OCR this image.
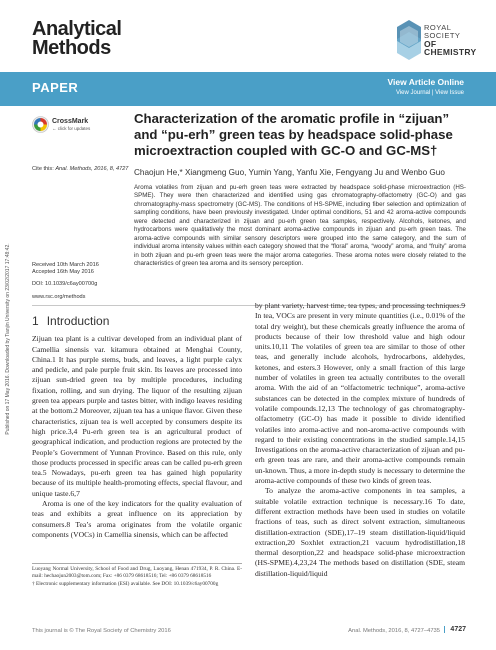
Analytical
Methods
ROYAL SOCIETY
OF CHEMISTRY
PAPER	View Article Online
View Journal | View Issue
Published on 17 May 2016. Downloaded by Tianjin University on 23/02/2017 17:48:42.
CrossMark
← click for updates
Cite this: Anal. Methods, 2016, 8, 4727
Characterization of the aromatic profile in “zijuan” and “pu-erh” green teas by headspace solid-phase microextraction coupled with GC-O and GC-MS†
Chaojun He,* Xiangmeng Guo, Yumin Yang, Yanfu Xie, Fengyang Ju and Wenbo Guo
Aroma volatiles from zijuan and pu-erh green teas were extracted by headspace solid-phase microextraction (HS-SPME). They were then characterized and identified using gas chromatography-olfactometry (GC-O) and gas chromatography-mass spectrometry (GC-MS). The conditions of HS-SPME, including fiber selection and optimization of sampling conditions, have been previously investigated. Under optimal conditions, 51 and 42 aroma-active compounds were detected and characterized in zijuan and pu-erh green tea samples, respectively. Alcohols, ketones, and hydrocarbons were qualitatively the most dominant aroma-active compounds in zijuan and pu-erh green teas. The aroma-active compounds with similar sensory descriptors were grouped into the same category, and the sum of individual aroma intensity values within each category showed that the “floral” aroma, “woody” aroma, and “fruity” aroma in both zijuan and pu-erh green teas were the major aroma categories. These aroma notes were closely related to the characteristics of green tea aroma and its sensory perception.
Received 10th March 2016
Accepted 16th May 2016
DOI: 10.1039/c6ay00700g
www.rsc.org/methods
1 Introduction

Zijuan tea plant is a cultivar developed from an individual plant of Camellia sinensis var. kitamura obtained at Menghai County, China.1 It has purple stems, buds, and leaves, a light purple calyx and pedicle, and pale purple fruit skin. Its leaves are processed into zijuan sun-dried green tea by multiple procedures, including fixation, rolling, and sun drying. The liquor of the resulting zijuan green tea appears purple and tastes bitter, with indigo leaves residing at the bottom.2 Moreover, zijuan tea has a unique flavor. Given these characteristics, zijuan tea is well accepted by consumers despite its high price.3,4 Pu-erh green tea is an agricultural product of geographical indication, and production regions are protected by the People’s Government of Yunnan Province. Based on this rule, only those products processed in specific areas can be called pu-erh green tea.5 Nowadays, pu-erh green tea has gained high popularity because of its multiple health-promoting effects, special flavour, and unique taste.6,7

Aroma is one of the key indicators for the quality evaluation of teas and exhibits a great influence on its appreciation by consumers.8 Tea’s aroma originates from the volatile organic components (VOCs) in Camellia sinensis, which can be affected

by plant variety, harvest time, tea types, and processing techniques.9 In tea, VOCs are present in very minute quantities (i.e., 0.01% of the total dry weight), but these chemicals greatly influence the aroma of products because of their low threshold value and high odour units.10,11 The volatiles of green tea are similar to those of other teas, and generally include alcohols, hydrocarbons, aldehydes, ketones, and esters.3 However, only a small fraction of this large number of volatiles in green tea actually contributes to the overall aroma. With the aid of an “olfactometric technique”, aroma-active substances can be detected in the complex mixture of hundreds of volatile compounds.12,13 The technology of gas chromatography-olfactometry (GC-O) has made it possible to divide identified volatiles into aroma-active and non-aroma-active compounds with regard to their existing concentrations in the studied sample.14,15 Investigations on the aroma-active characterization of zijuan and pu-erh green teas are rare, and their aroma-active compounds remain un-known. Thus, a more in-depth study is necessary to determine the aroma-active compounds of these two kinds of green teas.

To analyze the aroma-active components in tea samples, a suitable volatile extraction technique is necessary.16 To date, different extraction methods have been used in studies on volatile fractions of teas, such as direct solvent extraction, simultaneous distillation-extraction (SDE),17–19 steam distillation-liquid/liquid extraction,20 Soxhlet extraction,21 vacuum hydrodistillation,18 thermal desorption,22 and headspace solid-phase microextraction (HS-SPME).4,23,24 The methods based on distillation (SDE, steam distillation-liquid/liquid

Luoyang Normal University, School of Food and Drug, Luoyang, Henan 471934, P. R. China. E-mail: hechaojun2003@tom.com; Fax: +86 0379 68618516; Tel: +86 0379 68618516
† Electronic supplementary information (ESI) available. See DOI: 10.1039/c6ay00700g
This journal is © The Royal Society of Chemistry 2016	Anal. Methods, 2016, 8, 4727–4735	4727
